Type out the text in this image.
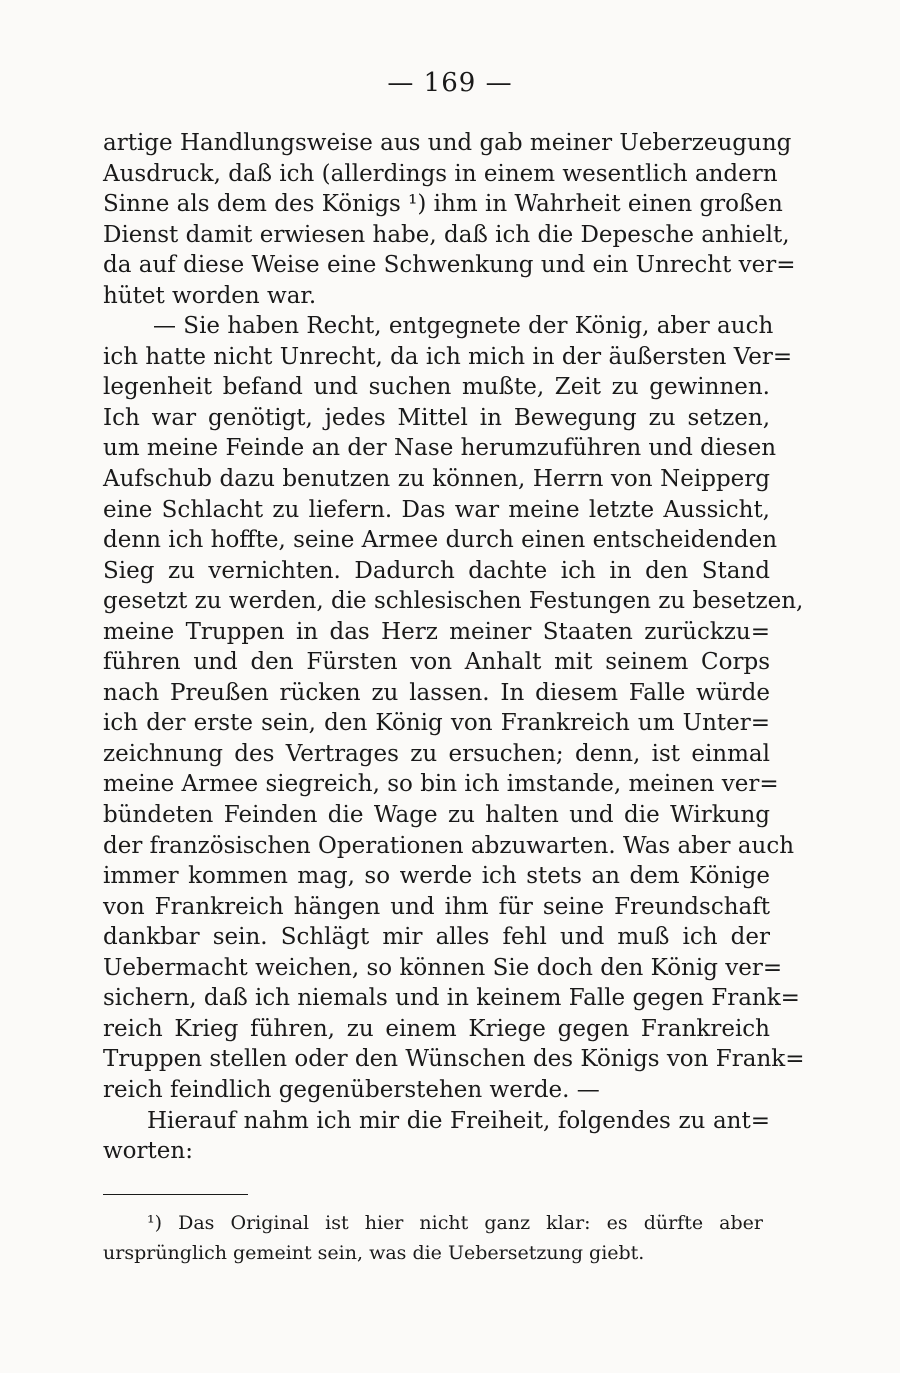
— 169 —
artige Handlungsweise aus und gab meiner Ueberzeugung
Ausdruck, daß ich (allerdings in einem wesentlich andern
Sinne als dem des Königs ¹) ihm in Wahrheit einen großen
Dienst damit erwiesen habe, daß ich die Depesche anhielt,
da auf diese Weise eine Schwenkung und ein Unrecht ver=
hütet worden war.
— Sie haben Recht, entgegnete der König, aber auch
ich hatte nicht Unrecht, da ich mich in der äußersten Ver=
legenheit befand und suchen mußte, Zeit zu gewinnen.
Ich war genötigt, jedes Mittel in Bewegung zu setzen,
um meine Feinde an der Nase herumzuführen und diesen
Aufschub dazu benutzen zu können, Herrn von Neipperg
eine Schlacht zu liefern. Das war meine letzte Aussicht,
denn ich hoffte, seine Armee durch einen entscheidenden
Sieg zu vernichten. Dadurch dachte ich in den Stand
gesetzt zu werden, die schlesischen Festungen zu besetzen,
meine Truppen in das Herz meiner Staaten zurückzu=
führen und den Fürsten von Anhalt mit seinem Corps
nach Preußen rücken zu lassen. In diesem Falle würde
ich der erste sein, den König von Frankreich um Unter=
zeichnung des Vertrages zu ersuchen; denn, ist einmal
meine Armee siegreich, so bin ich imstande, meinen ver=
bündeten Feinden die Wage zu halten und die Wirkung
der französischen Operationen abzuwarten. Was aber auch
immer kommen mag, so werde ich stets an dem Könige
von Frankreich hängen und ihm für seine Freundschaft
dankbar sein. Schlägt mir alles fehl und muß ich der
Uebermacht weichen, so können Sie doch den König ver=
sichern, daß ich niemals und in keinem Falle gegen Frank=
reich Krieg führen, zu einem Kriege gegen Frankreich
Truppen stellen oder den Wünschen des Königs von Frank=
reich feindlich gegenüberstehen werde. —
Hierauf nahm ich mir die Freiheit, folgendes zu ant=
worten:
¹) Das Original ist hier nicht ganz klar: es dürfte aber
ursprünglich gemeint sein, was die Uebersetzung giebt.
